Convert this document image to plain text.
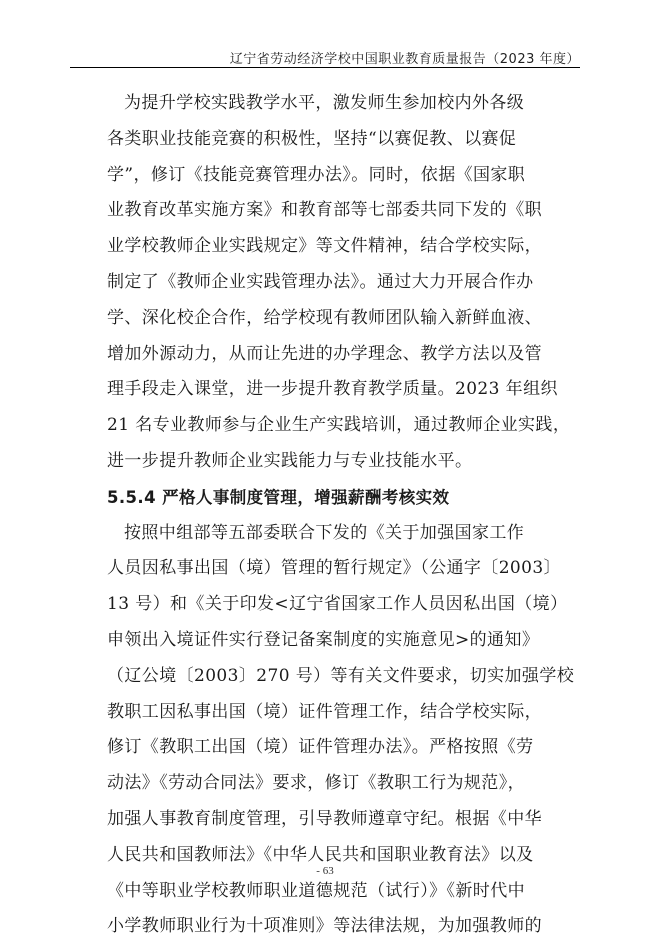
辽宁省劳动经济学校中国职业教育质量报告（2023 年度）
为提升学校实践教学水平，激发师生参加校内外各级
各类职业技能竞赛的积极性，坚持“以赛促教、以赛促
学”，修订《技能竞赛管理办法》。同时，依据《国家职
业教育改革实施方案》和教育部等七部委共同下发的《职
业学校教师企业实践规定》等文件精神，结合学校实际，
制定了《教师企业实践管理办法》。通过大力开展合作办
学、深化校企合作，给学校现有教师团队输入新鲜血液、
增加外源动力，从而让先进的办学理念、教学方法以及管
理手段走入课堂，进一步提升教育教学质量。2023 年组织
21 名专业教师参与企业生产实践培训，通过教师企业实践，
进一步提升教师企业实践能力与专业技能水平。
5.5.4 严格人事制度管理，增强薪酬考核实效
按照中组部等五部委联合下发的《关于加强国家工作
人员因私事出国（境）管理的暂行规定》（公通字〔2003〕
13 号）和《关于印发<辽宁省国家工作人员因私出国（境）
申领出入境证件实行登记备案制度的实施意见>的通知》
（辽公境〔2003〕270 号）等有关文件要求，切实加强学校
教职工因私事出国（境）证件管理工作，结合学校实际，
修订《教职工出国（境）证件管理办法》。严格按照《劳
动法》《劳动合同法》要求，修订《教职工行为规范》，
加强人事教育制度管理，引导教师遵章守纪。根据《中华
人民共和国教师法》《中华人民共和国职业教育法》以及
《中等职业学校教师职业道德规范（试行）》《新时代中
小学教师职业行为十项准则》等法律法规，为加强教师的
- 63
